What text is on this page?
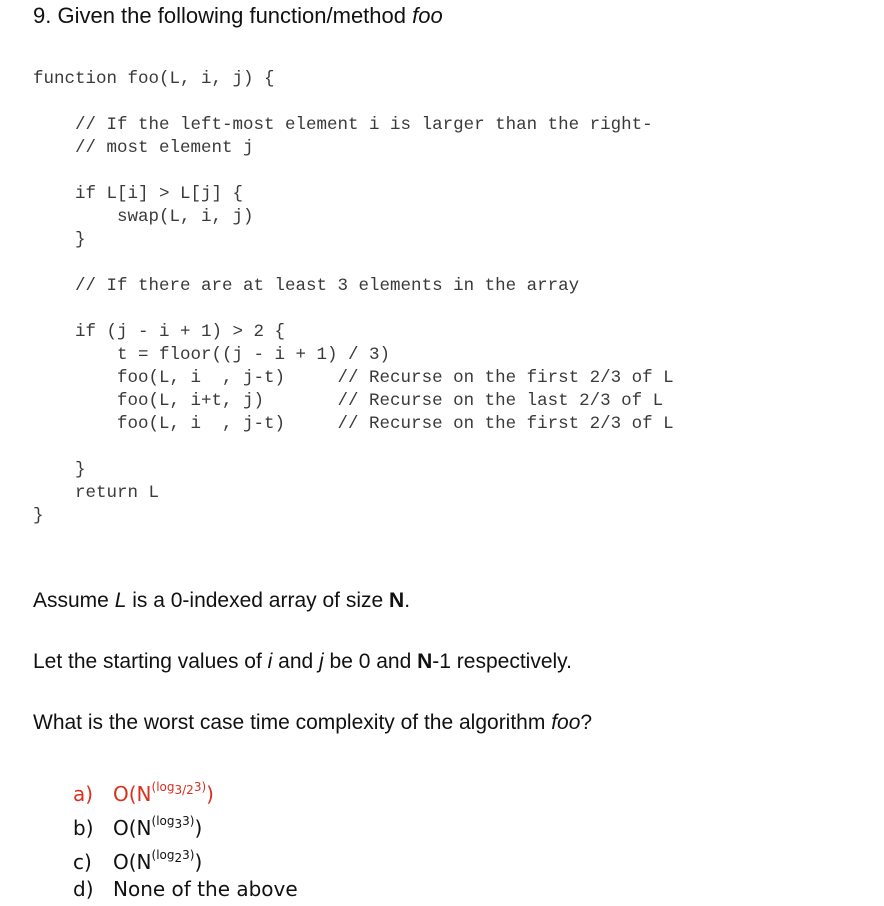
9. Given the following function/method foo
function foo(L, i, j) {
// If the left-most element i is larger than the right-
// most element j
if L[i] > L[j] {
swap(L, i, j)
}
// If there are at least 3 elements in the array
if (j - i + 1) > 2 {
t = floor((j - i + 1) / 3)
foo(L, i  , j-t)     // Recurse on the first 2/3 of L
foo(L, i+t, j)       // Recurse on the last 2/3 of L
foo(L, i  , j-t)     // Recurse on the first 2/3 of L
}
return L
}
Assume L is a 0-indexed array of size N.
Let the starting values of i and j be 0 and N-1 respectively.
What is the worst case time complexity of the algorithm foo?
a) $O(N^{(log_{3/2}3)})$
b) $O(N^{(log_33)})$
c) $O(N^{(log_23)})$
d) None of the above
